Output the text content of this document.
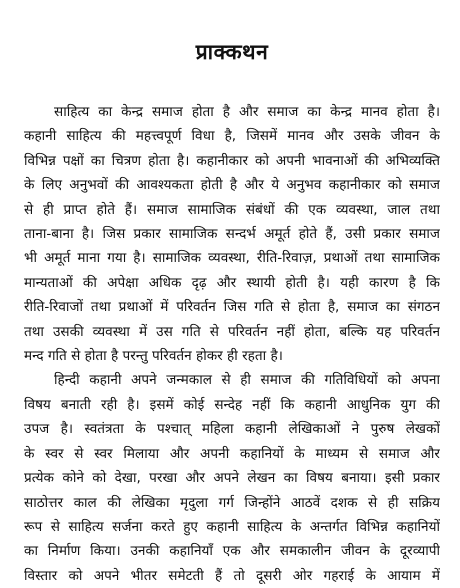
प्राक्कथन

साहित्य का केन्द्र समाज होता है और समाज का केन्द्र मानव होता है।

कहानी साहित्य की महत्त्वपूर्ण विधा है, जिसमें मानव और उसके जीवन के

विभिन्न पक्षों का चित्रण होता है। कहानीकार को अपनी भावनाओं की अभिव्यक्ति

के लिए अनुभवों की आवश्यकता होती है और ये अनुभव कहानीकार को समाज

से ही प्राप्त होते हैं। समाज सामाजिक संबंधों की एक व्यवस्था, जाल तथा

ताना-बाना है। जिस प्रकार सामाजिक सन्दर्भ अमूर्त होते हैं, उसी प्रकार समाज

भी अमूर्त माना गया है। सामाजिक व्यवस्था, रीति-रिवाज़, प्रथाओं तथा सामाजिक

मान्यताओं की अपेक्षा अधिक दृढ़ और स्थायी होती है। यही कारण है कि

रीति-रिवाजों तथा प्रथाओं में परिवर्तन जिस गति से होता है, समाज का संगठन

तथा उसकी व्यवस्था में उस गति से परिवर्तन नहीं होता, बल्कि यह परिवर्तन

मन्द गति से होता है परन्तु परिवर्तन होकर ही रहता है।

हिन्दी कहानी अपने जन्मकाल से ही समाज की गतिविधियों को अपना

विषय बनाती रही है। इसमें कोई सन्देह नहीं कि कहानी आधुनिक युग की

उपज है। स्वतंत्रता के पश्चात् महिला कहानी लेखिकाओं ने पुरुष लेखकों

के स्वर से स्वर मिलाया और अपनी कहानियों के माध्यम से समाज और

प्रत्येक कोने को देखा, परखा और अपने लेखन का विषय बनाया। इसी प्रकार

साठोत्तर काल की लेखिका मृदुला गर्ग जिन्होंने आठवें दशक से ही सक्रिय

रूप से साहित्य सर्जना करते हुए कहानी साहित्य के अन्तर्गत विभिन्न कहानियों

का निर्माण किया। उनकी कहानियाँ एक और समकालीन जीवन के दूरव्यापी

विस्तार को अपने भीतर समेटती हैं तो दूसरी ओर गहराई के आयाम में
